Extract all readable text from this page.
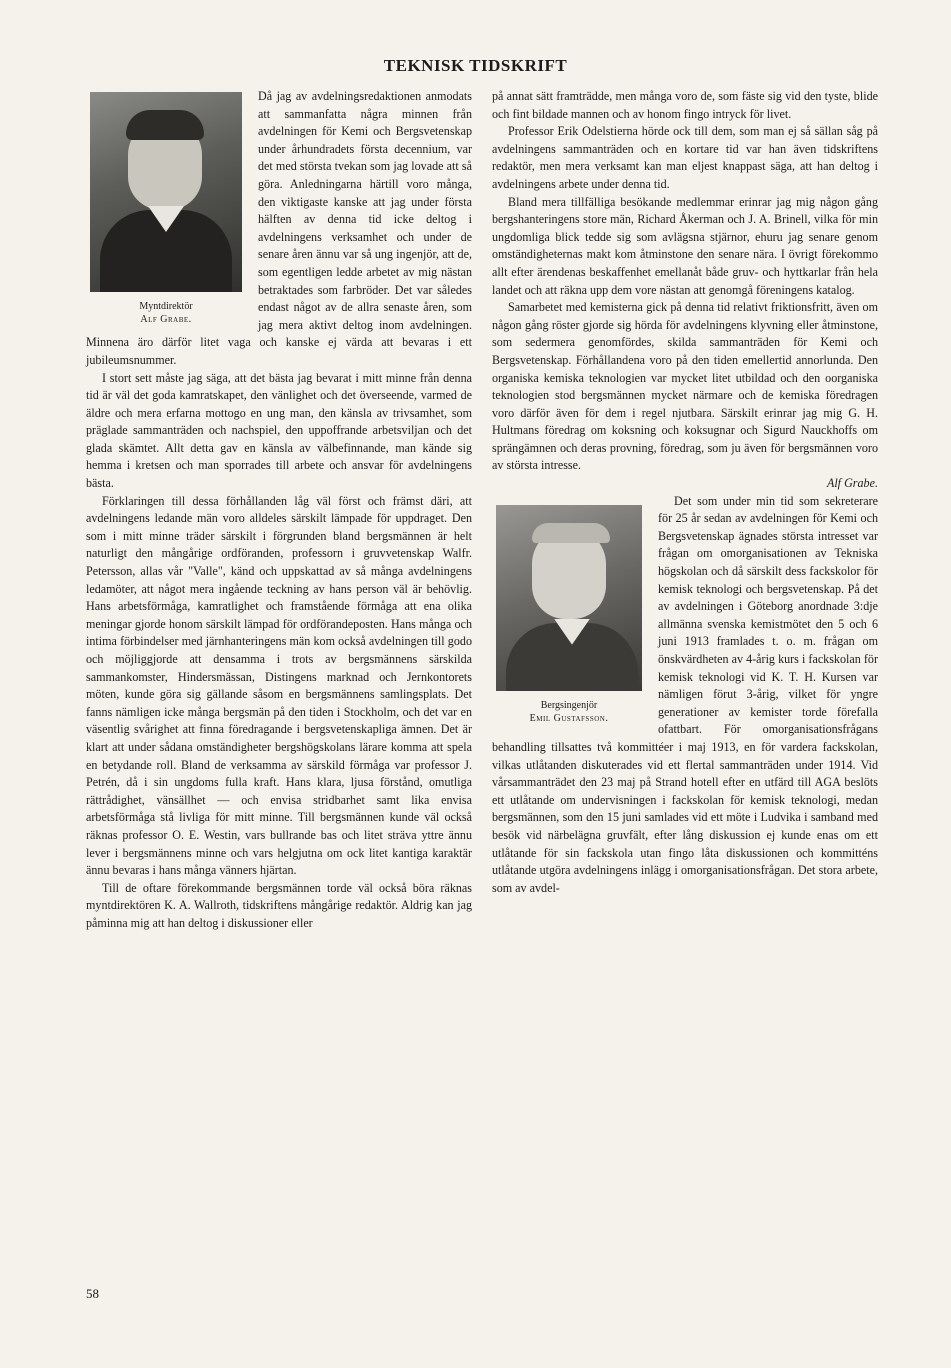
TEKNISK TIDSKRIFT
Myntdirektör
Alf Grabe.

Då jag av avdelningsredaktionen anmodats att sammanfatta några minnen från avdelningen för Kemi och Bergsvetenskap under århundradets första decennium, var det med största tvekan som jag lovade att så göra. Anledningarna härtill voro många, den viktigaste kanske att jag under första hälften av denna tid icke deltog i avdelningens verksamhet och under de senare åren ännu var så ung ingenjör, att de, som egentligen ledde arbetet av mig nästan betraktades som farbröder. Det var således endast något av de allra senaste åren, som jag mera aktivt deltog inom avdelningen. Minnena äro därför litet vaga och kanske ej värda att bevaras i ett jubileumsnummer.

I stort sett måste jag säga, att det bästa jag bevarat i mitt minne från denna tid är väl det goda kamratskapet, den vänlighet och det överseende, varmed de äldre och mera erfarna mottogo en ung man, den känsla av trivsamhet, som präglade sammanträden och nachspiel, den uppoffrande arbetsviljan och det glada skämtet. Allt detta gav en känsla av välbefinnande, man kände sig hemma i kretsen och man sporrades till arbete och ansvar för avdelningens bästa.

Förklaringen till dessa förhållanden låg väl först och främst däri, att avdelningens ledande män voro alldeles särskilt lämpade för uppdraget. Den som i mitt minne träder särskilt i förgrunden bland bergsmännen är helt naturligt den mångårige ordföranden, professorn i gruvvetenskap Walfr. Petersson, allas vår "Valle", känd och uppskattad av så många avdelningens ledamöter, att något mera ingående teckning av hans person väl är behövlig. Hans arbetsförmåga, kamratlighet och framstående förmåga att ena olika meningar gjorde honom särskilt lämpad för ordförandeposten. Hans många och intima förbindelser med järnhanteringens män kom också avdelningen till godo och möjliggjorde att densamma i trots av bergsmännens särskilda sammankomster, Hindersmässan, Distingens marknad och Jernkontorets möten, kunde göra sig gällande såsom en bergsmännens samlingsplats. Det fanns nämligen icke många bergsmän på den tiden i Stockholm, och det var en väsentlig svårighet att finna föredragande i bergsvetenskapliga ämnen. Det är klart att under sådana omständigheter bergshögskolans lärare komma att spela en betydande roll. Bland de verksamma av särskild förmåga var professor J. Petrén, då i sin ungdoms fulla kraft. Hans klara, ljusa förstånd, omutliga rättrådighet, vänsällhet — och envisa stridbarhet samt lika envisa arbetsförmåga stå livliga för mitt minne. Till bergsmännen kunde väl också räknas professor O. E. Westin, vars bullrande bas och litet sträva yttre ännu lever i bergsmännens minne och vars helgjutna om ock litet kantiga karaktär ännu bevaras i hans många vänners hjärtan.

Till de oftare förekommande bergsmännen torde väl också böra räknas myntdirektören K. A. Wallroth, tidskriftens mångårige redaktör. Aldrig kan jag påminna mig att han deltog i diskussioner eller

på annat sätt framträdde, men många voro de, som fäste sig vid den tyste, blide och fint bildade mannen och av honom fingo intryck för livet.

Professor Erik Odelstierna hörde ock till dem, som man ej så sällan såg på avdelningens sammanträden och en kortare tid var han även tidskriftens redaktör, men mera verksamt kan man eljest knappast säga, att han deltog i avdelningens arbete under denna tid.

Bland mera tillfälliga besökande medlemmar erinrar jag mig någon gång bergshanteringens store män, Richard Åkerman och J. A. Brinell, vilka för min ungdomliga blick tedde sig som avlägsna stjärnor, ehuru jag senare genom omständigheternas makt kom åtminstone den senare nära. I övrigt förekommo allt efter ärendenas beskaffenhet emellanåt både gruv- och hyttkarlar från hela landet och att räkna upp dem vore nästan att genomgå föreningens katalog.

Samarbetet med kemisterna gick på denna tid relativt friktionsfritt, även om någon gång röster gjorde sig hörda för avdelningens klyvning eller åtminstone, som sedermera genomfördes, skilda sammanträden för Kemi och Bergsvetenskap. Förhållandena voro på den tiden emellertid annorlunda. Den organiska kemiska teknologien var mycket litet utbildad och den oorganiska teknologien stod bergsmännen mycket närmare och de kemiska föredragen voro därför även för dem i regel njutbara. Särskilt erinrar jag mig G. H. Hultmans föredrag om koksning och koksugnar och Sigurd Nauckhoffs om sprängämnen och deras provning, föredrag, som ju även för bergsmännen voro av största intresse.

Alf Grabe.

Bergsingenjör
Emil Gustafsson.

Det som under min tid som sekreterare för 25 år sedan av avdelningen för Kemi och Bergsvetenskap ägnades största intresset var frågan om omorganisationen av Tekniska högskolan och då särskilt dess fackskolor för kemisk teknologi och bergsvetenskap. På det av avdelningen i Göteborg anordnade 3:dje allmänna svenska kemistmötet den 5 och 6 juni 1913 framlades t. o. m. frågan om önskvärdheten av 4-årig kurs i fackskolan för kemisk teknologi vid K. T. H. Kursen var nämligen förut 3-årig, vilket för yngre generationer av kemister torde förefalla ofattbart. För omorganisationsfrågans behandling tillsattes två kommittéer i maj 1913, en för vardera fackskolan, vilkas utlåtanden diskuterades vid ett flertal sammanträden under 1914. Vid vårsammanträdet den 23 maj på Strand hotell efter en utfärd till AGA beslöts ett utlåtande om undervisningen i fackskolan för kemisk teknologi, medan bergsmännen, som den 15 juni samlades vid ett möte i Ludvika i samband med besök vid närbelägna gruvfält, efter lång diskussion ej kunde enas om ett utlåtande för sin fackskola utan fingo låta diskussionen och kommitténs utlåtande utgöra avdelningens inlägg i omorganisationsfrågan. Det stora arbete, som av avdel-

58
